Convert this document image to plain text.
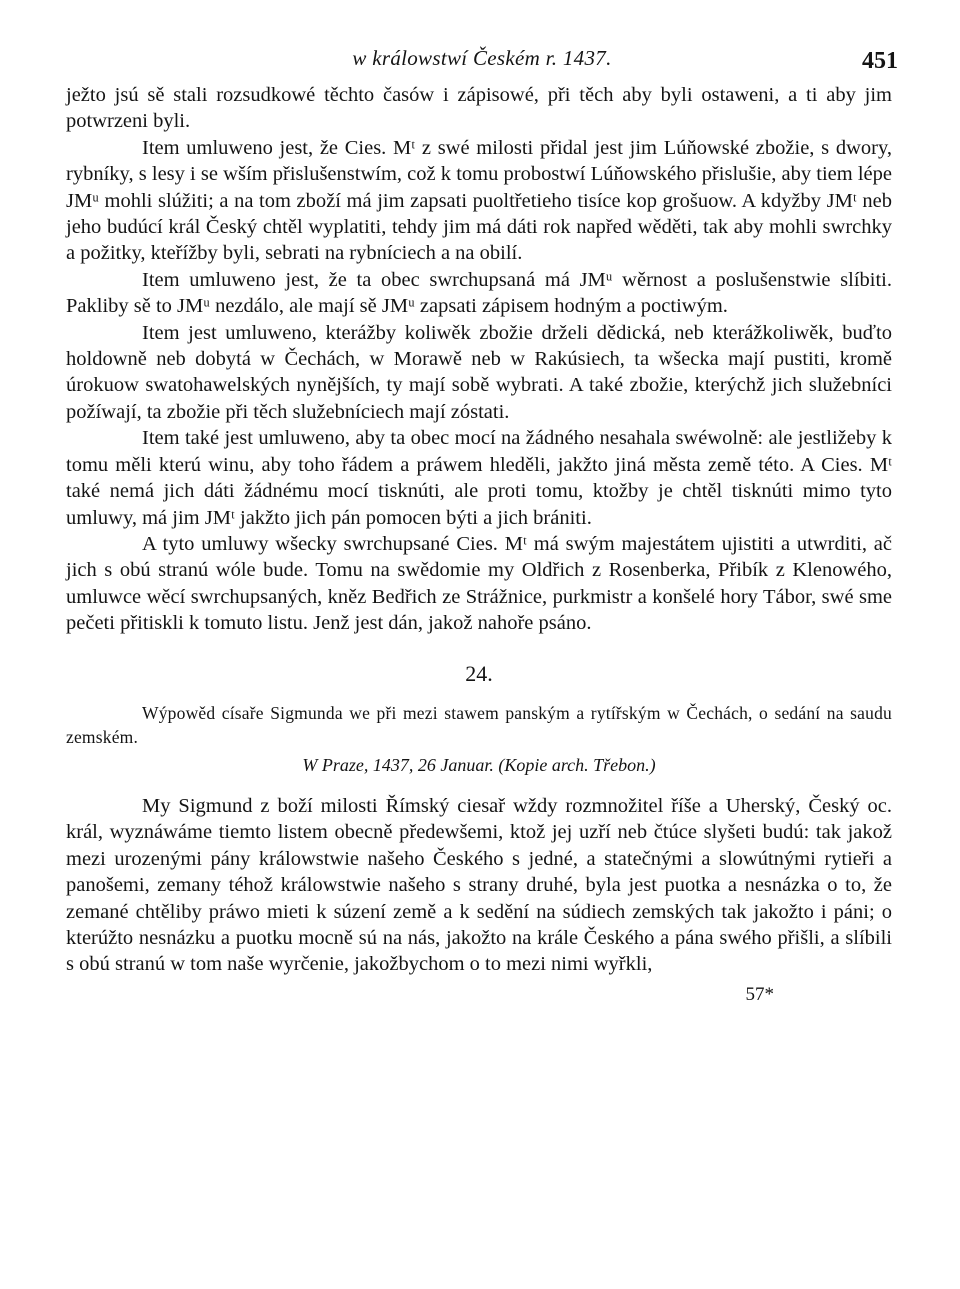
w králowstwí Českém r. 1437.	451

ježto jsú sě stali rozsudkowé těchto časów i zápisowé, při těch aby byli ostaweni, a ti aby jim potwrzeni byli.

Item umluweno jest, že Cies. Mᵗ z swé milosti přidal jest jim Lúňowské zbožie, s dwory, rybníky, s lesy i se wším přislušenstwím, což k tomu probostwí Lúňowského přislušie, aby tiem lépe JMᵘ mohli slúžiti; a na tom zboží má jim zapsati puoltřetieho tisíce kop grošuow. A kdyžby JMᵗ neb jeho budúcí král Český chtěl wyplatiti, tehdy jim má dáti rok napřed wěděti, tak aby mohli swrchky a požitky, kteřížby byli, sebrati na rybníciech a na obilí.

Item umluweno jest, že ta obec swrchupsaná má JMᵘ wěrnost a poslušenstwie slíbiti. Pakliby sě to JMᵘ nezdálo, ale mají sě JMᵘ zapsati zápisem hodným a poctiwým.

Item jest umluweno, kterážby koliwěk zbožie drželi dědická, neb kterážkoliwěk, buďto holdowně neb dobytá w Čechách, w Morawě neb w Rakúsiech, ta wšecka mají pustiti, kromě úrokuow swatohawelských nynějších, ty mají sobě wybrati. A také zbožie, kterýchž jich služebníci požíwají, ta zbožie při těch služebníciech mají zóstati.

Item také jest umluweno, aby ta obec mocí na žádného nesahala swéwolně: ale jestližeby k tomu měli kterú winu, aby toho řádem a práwem hleděli, jakžto jiná města země této. A Cies. Mᵗ také nemá jich dáti žádnému mocí tisknúti, ale proti tomu, ktožby je chtěl tisknúti mimo tyto umluwy, má jim JMᵗ jakžto jich pán pomocen býti a jich brániti.

A tyto umluwy wšecky swrchupsané Cies. Mᵗ má swým majestátem ujistiti a utwrditi, ač jich s obú stranú wóle bude. Tomu na swědomie my Oldřich z Rosenberka, Přibík z Klenowého, umluwce wěcí swrchupsaných, kněz Bedřich ze Strážnice, purkmistr a konšelé hory Tábor, swé sme pečeti přitiskli k tomuto listu. Jenž jest dán, jakož nahoře psáno.

24.

Wýpowěd císaře Sigmunda we při mezi stawem panským a rytířským w Čechách, o sedání na saudu zemském.

W Praze, 1437, 26 Januar. (Kopie arch. Třebon.)

My Sigmund z boží milosti Římský ciesař wždy rozmnožitel říše a Uherský, Český oc. král, wyznáwáme tiemto listem obecně předewšemi, ktož jej uzří neb čtúce slyšeti budú: tak jakož mezi urozenými pány králowstwie našeho Českého s jedné, a statečnými a slowútnými rytieři a panošemi, zemany téhož králowstwie našeho s strany druhé, byla jest puotka a nesnázka o to, že zemané chtěliby práwo mieti k súzení země a k sedění na súdiech zemských tak jakožto i páni; o kterúžto nesnázku a puotku mocně sú na nás, jakožto na krále Českého a pána swého přišli, a slíbili s obú stranú w tom naše wyrčenie, jakožbychom o to mezi nimi wyřkli,

57*
